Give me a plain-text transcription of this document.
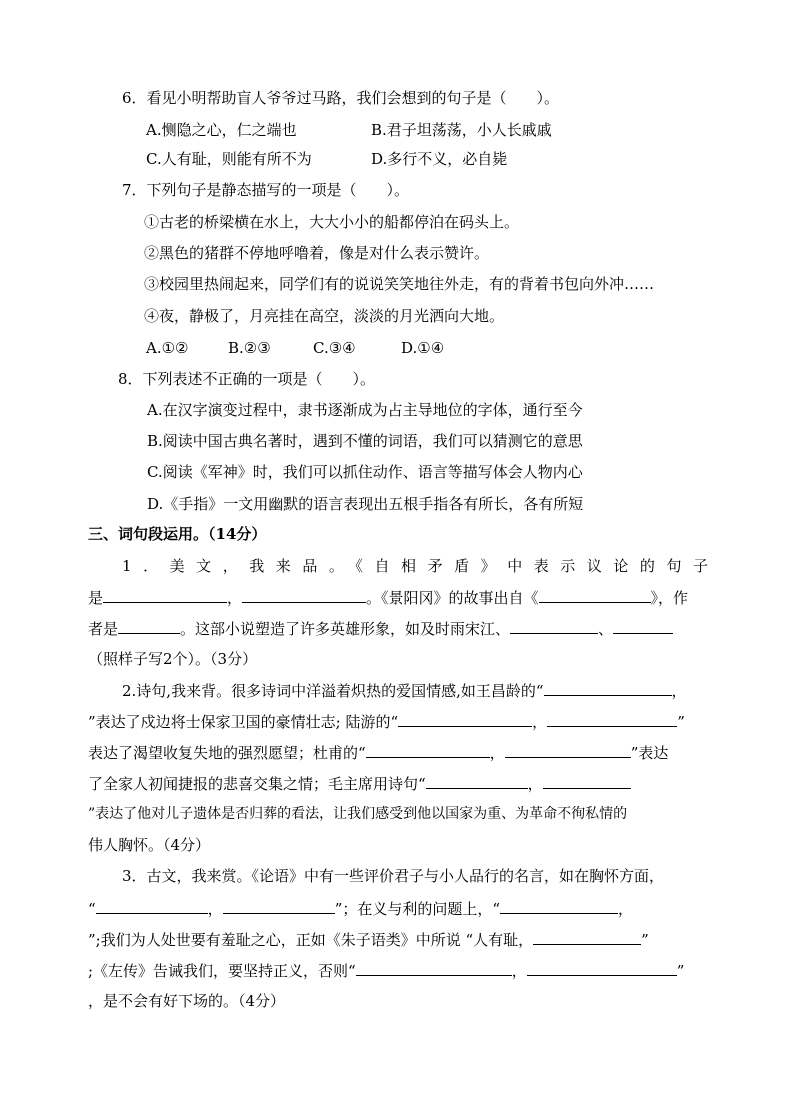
6．看见小明帮助盲人爷爷过马路，我们会想到的句子是（　　）。
A.恻隐之心，仁之端也	B.君子坦荡荡，小人长戚戚
C.人有耻，则能有所不为	D.多行不义，必自毙
7．下列句子是静态描写的一项是（　　）。
①古老的桥梁横在水上，大大小小的船都停泊在码头上。
②黑色的猪群不停地呼噜着，像是对什么表示赞许。
③校园里热闹起来，同学们有的说说笑笑地往外走，有的背着书包向外冲……
④夜，静极了，月亮挂在高空，淡淡的月光洒向大地。
A.①②	B.②③	C.③④	D.①④
8．下列表述不正确的一项是（　　）。
A.在汉字演变过程中，隶书逐渐成为占主导地位的字体，通行至今
B.阅读中国古典名著时，遇到不懂的词语，我们可以猜测它的意思
C.阅读《军神》时，我们可以抓住动作、语言等描写体会人物内心
D.《手指》一文用幽默的语言表现出五根手指各有所长，各有所短
三、词句段运用。（14分）
1．美文，我来品。《自相矛盾》中表示议论的句子
是	，	。《景阳冈》的故事出自《	》，作
者是	。这部小说塑造了许多英雄形象，如及时雨宋江、	、
（照样子写2个）。（3分）
2.诗句,我来背。很多诗词中洋溢着炽热的爱国情感,如王昌龄的“	，
”表达了戍边将士保家卫国的豪情壮志; 陆游的“	，	”
表达了渴望收复失地的强烈愿望；杜甫的“	，	”表达
了全家人初闻捷报的悲喜交集之情；毛主席用诗句“	，
”表达了他对儿子遗体是否归葬的看法，让我们感受到他以国家为重、为革命不徇私情的
伟人胸怀。（4分）
3．古文，我来赏。《论语》中有一些评价君子与小人品行的名言，如在胸怀方面，
“	，	”；在义与利的问题上，“	，
”;我们为人处世要有羞耻之心，正如《朱子语类》中所说 “人有耻，	”
;《左传》告诫我们，要坚持正义，否则“	，	”
，是不会有好下场的。（4分）
